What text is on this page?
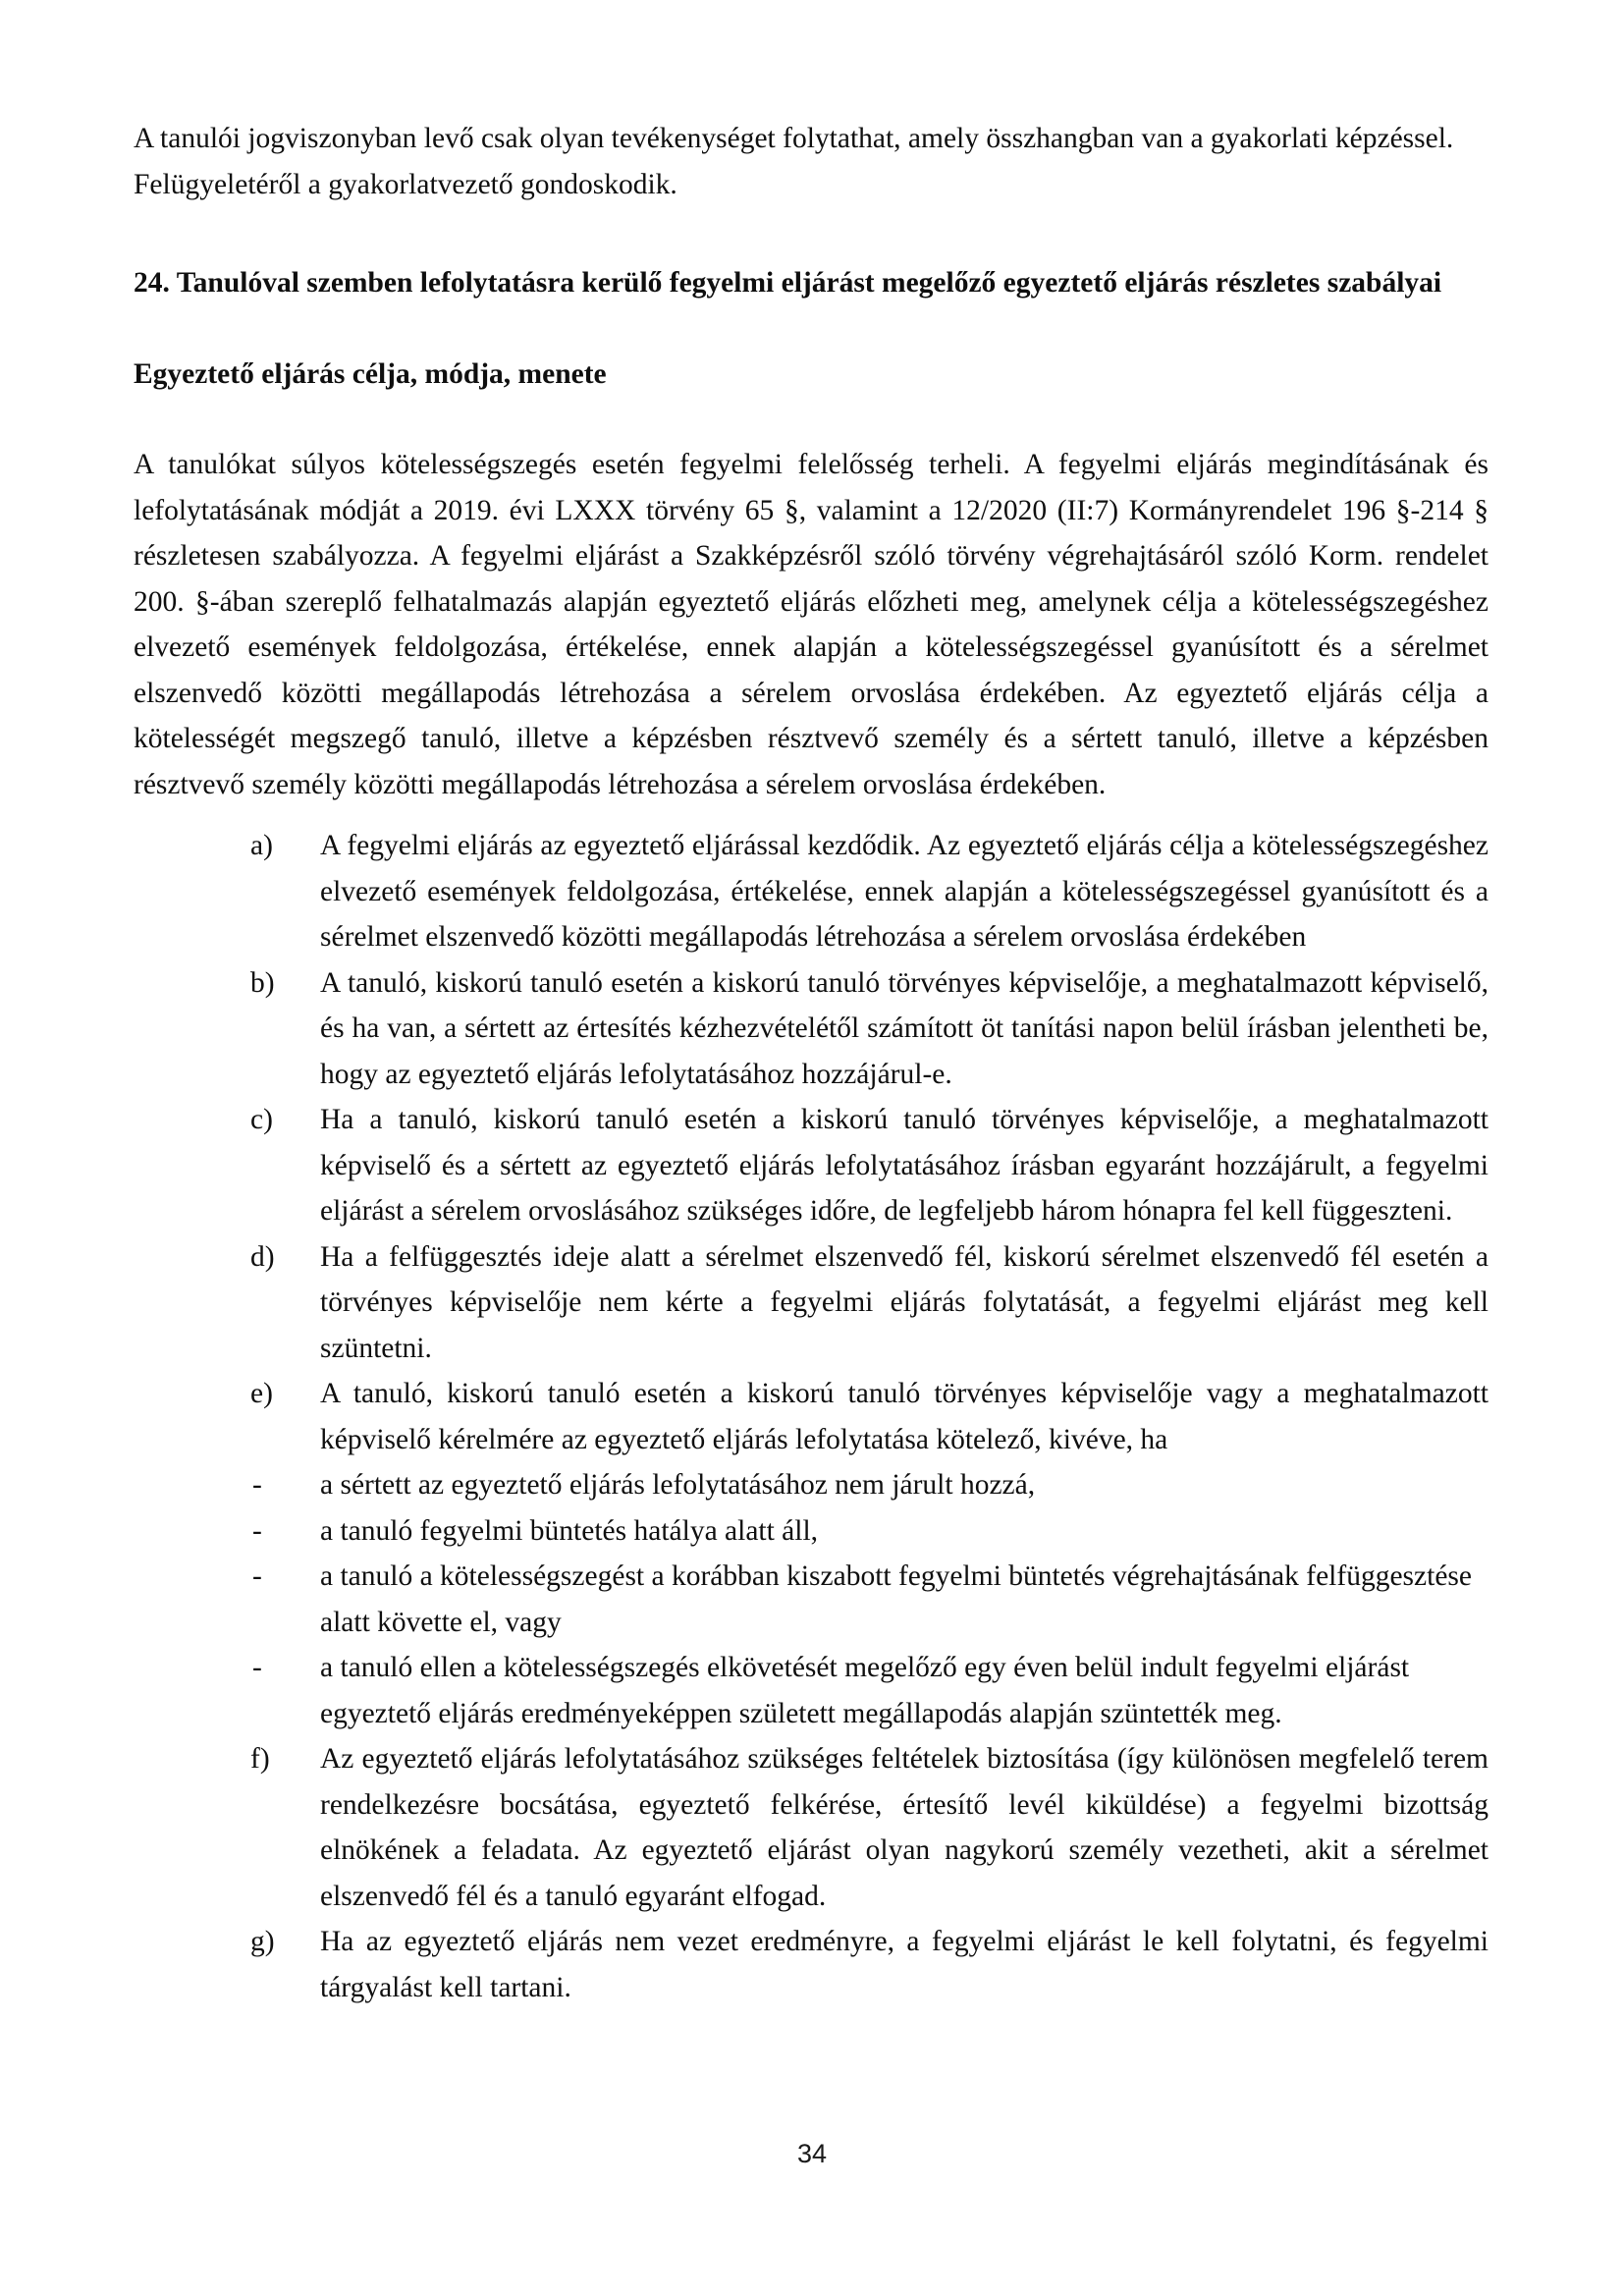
A tanulói jogviszonyban levő csak olyan tevékenységet folytathat, amely összhangban van a gyakorlati képzéssel. Felügyeletéről a gyakorlatvezető gondoskodik.

24. Tanulóval szemben lefolytatásra kerülő fegyelmi eljárást megelőző egyeztető eljárás részletes szabályai
Egyeztető eljárás célja, módja, menete

A tanulókat súlyos kötelességszegés esetén fegyelmi felelősség terheli. A fegyelmi eljárás megindításának és lefolytatásának módját a 2019. évi LXXX törvény 65 §, valamint a 12/2020 (II:7) Kormányrendelet 196 §-214 § részletesen szabályozza. A fegyelmi eljárást a Szakképzésről szóló törvény végrehajtásáról szóló Korm. rendelet 200. §-ában szereplő felhatalmazás alapján egyeztető eljárás előzheti meg, amelynek célja a kötelességszegéshez elvezető események feldolgozása, értékelése, ennek alapján a kötelességszegéssel gyanúsított és a sérelmet elszenvedő közötti megállapodás létrehozása a sérelem orvoslása érdekében. Az egyeztető eljárás célja a kötelességét megszegő tanuló, illetve a képzésben résztvevő személy és a sértett tanuló, illetve a képzésben résztvevő személy közötti megállapodás létrehozása a sérelem orvoslása érdekében.

a)	A fegyelmi eljárás az egyeztető eljárással kezdődik. Az egyeztető eljárás célja a kötelességszegéshez elvezető események feldolgozása, értékelése, ennek alapján a kötelességszegéssel gyanúsított és a sérelmet elszenvedő közötti megállapodás létrehozása a sérelem orvoslása érdekében
b)	A tanuló, kiskorú tanuló esetén a kiskorú tanuló törvényes képviselője, a meghatalmazott képviselő, és ha van, a sértett az értesítés kézhezvételétől számított öt tanítási napon belül írásban jelentheti be, hogy az egyeztető eljárás lefolytatásához hozzájárul-e.
c)	Ha a tanuló, kiskorú tanuló esetén a kiskorú tanuló törvényes képviselője, a meghatalmazott képviselő és a sértett az egyeztető eljárás lefolytatásához írásban egyaránt hozzájárult, a fegyelmi eljárást a sérelem orvoslásához szükséges időre, de legfeljebb három hónapra fel kell függeszteni.
d)	Ha a felfüggesztés ideje alatt a sérelmet elszenvedő fél, kiskorú sérelmet elszenvedő fél esetén a törvényes képviselője nem kérte a fegyelmi eljárás folytatását, a fegyelmi eljárást meg kell szüntetni.
e)	A tanuló, kiskorú tanuló esetén a kiskorú tanuló törvényes képviselője vagy a meghatalmazott képviselő kérelmére az egyeztető eljárás lefolytatása kötelező, kivéve, ha
- a sértett az egyeztető eljárás lefolytatásához nem járult hozzá,
- a tanuló fegyelmi büntetés hatálya alatt áll,
- a tanuló a kötelességszegést a korábban kiszabott fegyelmi büntetés végrehajtásának felfüggesztése alatt követte el, vagy
- a tanuló ellen a kötelességszegés elkövetését megelőző egy éven belül indult fegyelmi eljárást egyeztető eljárás eredményeképpen született megállapodás alapján szüntették meg.
f)	Az egyeztető eljárás lefolytatásához szükséges feltételek biztosítása (így különösen megfelelő terem rendelkezésre bocsátása, egyeztető felkérése, értesítő levél kiküldése) a fegyelmi bizottság elnökének a feladata. Az egyeztető eljárást olyan nagykorú személy vezetheti, akit a sérelmet elszenvedő fél és a tanuló egyaránt elfogad.
g)	Ha az egyeztető eljárás nem vezet eredményre, a fegyelmi eljárást le kell folytatni, és fegyelmi tárgyalást kell tartani.
34
